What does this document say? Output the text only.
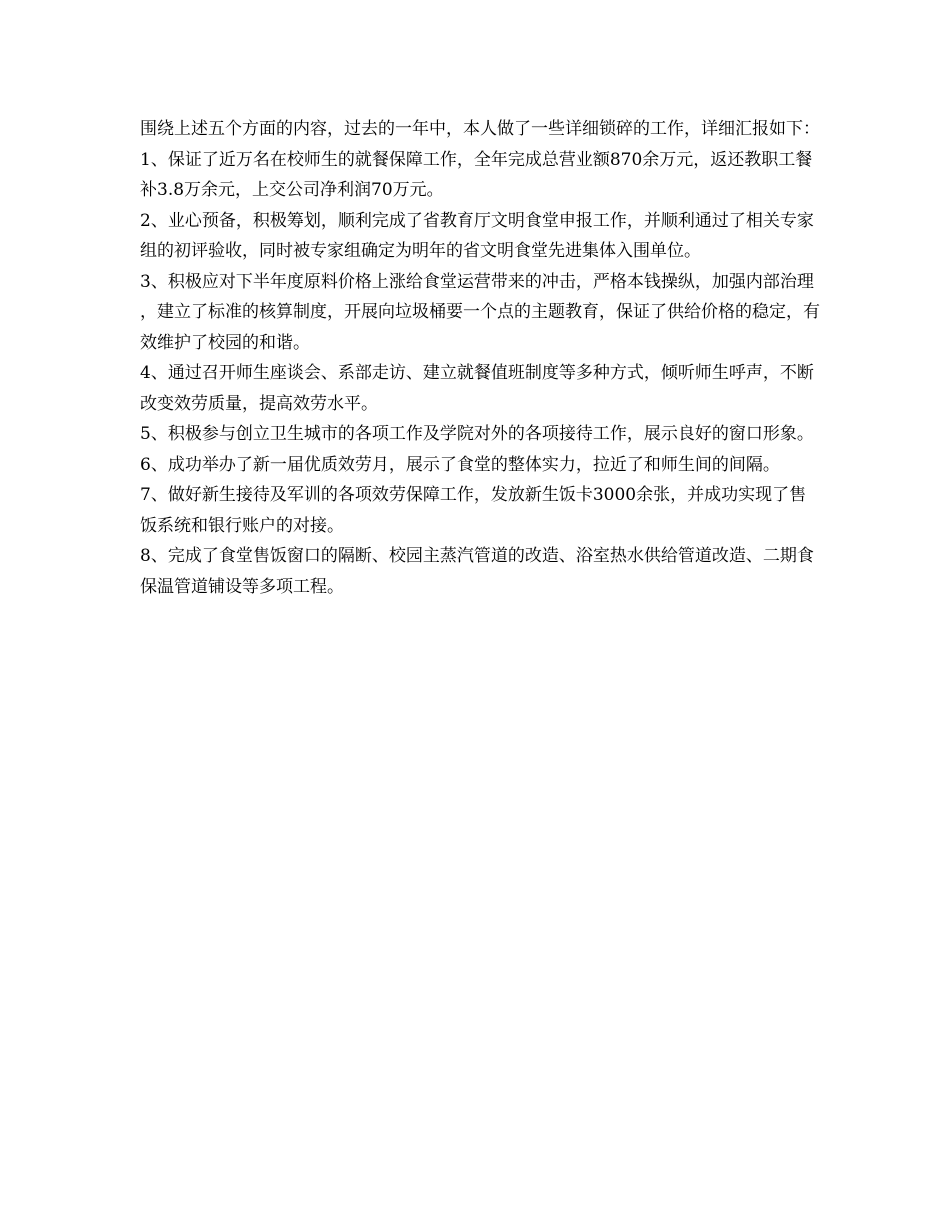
围绕上述五个方面的内容，过去的一年中，本人做了一些详细锁碎的工作，详细汇报如下：

1、保证了近万名在校师生的就餐保障工作，全年完成总营业额870余万元，返还教职工餐补3.8万余元，上交公司净利润70万元。

2、业心预备，积极筹划，顺利完成了省教育厅文明食堂申报工作，并顺利通过了相关专家组的初评验收，同时被专家组确定为明年的省文明食堂先进集体入围单位。

3、积极应对下半年度原料价格上涨给食堂运营带来的冲击，严格本钱操纵，加强内部治理，建立了标准的核算制度，开展向垃圾桶要一个点的主题教育，保证了供给价格的稳定，有效维护了校园的和谐。

4、通过召开师生座谈会、系部走访、建立就餐值班制度等多种方式，倾听师生呼声，不断改变效劳质量，提高效劳水平。

5、积极参与创立卫生城市的各项工作及学院对外的各项接待工作，展示良好的窗口形象。

6、成功举办了新一届优质效劳月，展示了食堂的整体实力，拉近了和师生间的间隔。

7、做好新生接待及军训的各项效劳保障工作，发放新生饭卡3000余张，并成功实现了售饭系统和银行账户的对接。

8、完成了食堂售饭窗口的隔断、校园主蒸汽管道的改造、浴室热水供给管道改造、二期食保温管道铺设等多项工程。
